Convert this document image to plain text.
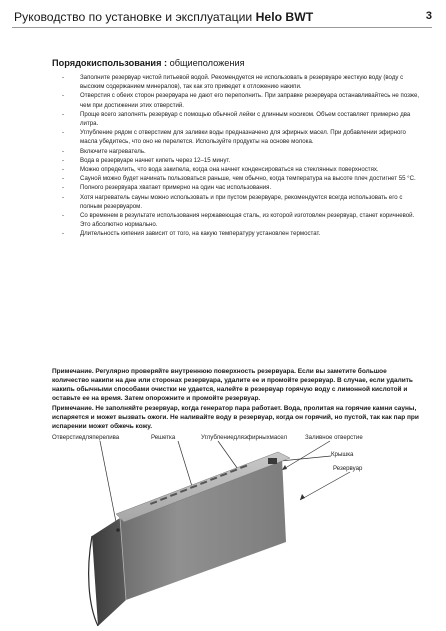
Руководство по установке и эксплуатации Helo BWT	3
Порядокиспользования : общиеположения
-	Заполните резервуар чистой питьевой водой. Рекомендуется не использовать в резервуаре жесткую воду (воду с высоким содержанием минералов), так как это приведет к отложению накипи.
-	Отверстия с обеих сторон резервуара не дают его переполнить. При заправке резервуара останавливайтесь не позже, чем при достижении этих отверстий.
-	Проще всего заполнять резервуар с помощью обычной лейки с длинным носиком. Объем составляет примерно два литра.
-	Углубление рядом с отверстием для заливки воды предназначено для эфирных масел. При добавлении эфирного масла убедитесь, что оно не перелется. Используйте продукты на основе молока.
-	Включите нагреватель.
-	Вода в резервуаре начнет кипеть через 12–15 минут.
-	Можно определить, что вода закипела, когда она начнет конденсироваться на стеклянных поверхностях.
-	Сауной можно будет начинать пользоваться раньше, чем обычно, когда температура на высоте плеч достигнет 55 °C.
-	Полного резервуара хватает примерно на один час использования.
-	Хотя нагреватель сауны можно использовать и при пустом резервуаре, рекомендуется всегда использовать его с полным резервуаром.
-	Со временем в результате использования нержавеющая сталь, из которой изготовлен резервуар, станет коричневой. Это абсолютно нормально.
-	Длительность кипения зависит от того, на какую температуру установлен термостат.
Примечание. Регулярно проверяйте внутреннюю поверхность резервуара. Если вы заметите большое количество накипи на дне или сторонах резервуара, удалите ее и промойте резервуар. В случае, если удалить накипь обычными способами очистки не удается, налейте в резервуар горячую воду с лимонной кислотой и оставьте ее на время. Затем опорожните и промойте резервуар.
Примечание. Не заполняйте резервуар, когда генератор пара работает. Вода, пролитая на горячие камни сауны, испаряется и может вызвать ожоги. Не наливайте воду в резервуар, когда он горячий, но пустой, так как пар при испарении может обжечь кожу.
Отверстиедляперелива	Решетка	Углублениедляэфирныхмасел	Заливное отверстие
Крышка
Резервуар
